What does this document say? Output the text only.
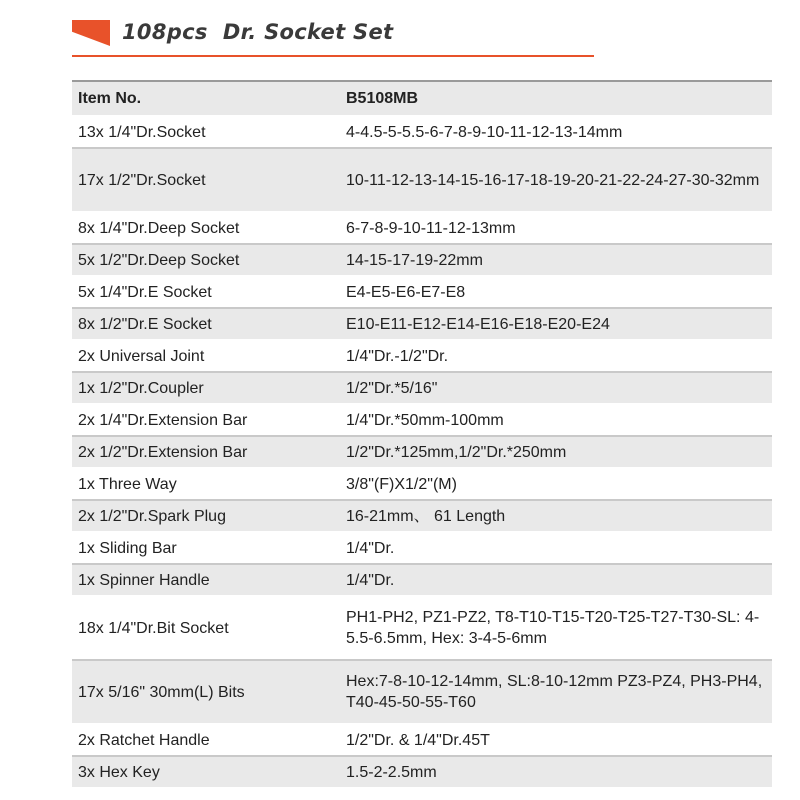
108pcs  Dr. Socket Set
Item No.	B5108MB
13x 1/4"Dr.Socket	4-4.5-5-5.5-6-7-8-9-10-11-12-13-14mm
17x 1/2"Dr.Socket	10-11-12-13-14-15-16-17-18-19-20-21-22-24-27-30-32mm
8x 1/4"Dr.Deep Socket	6-7-8-9-10-11-12-13mm
5x 1/2"Dr.Deep Socket	14-15-17-19-22mm
5x 1/4"Dr.E Socket	E4-E5-E6-E7-E8
8x 1/2"Dr.E Socket	E10-E11-E12-E14-E16-E18-E20-E24
2x Universal Joint	1/4"Dr.-1/2"Dr.
1x 1/2"Dr.Coupler	1/2"Dr.*5/16"
2x 1/4"Dr.Extension Bar	1/4"Dr.*50mm-100mm
2x 1/2"Dr.Extension Bar	1/2"Dr.*125mm,1/2"Dr.*250mm
1x Three Way	3/8"(F)X1/2"(M)
2x 1/2"Dr.Spark Plug	16-21mm、 61 Length
1x Sliding Bar	1/4"Dr.
1x Spinner Handle	1/4"Dr.
18x 1/4"Dr.Bit Socket	PH1-PH2, PZ1-PZ2, T8-T10-T15-T20-T25-T27-T30-SL: 4-5.5-6.5mm, Hex: 3-4-5-6mm
17x 5/16" 30mm(L) Bits	Hex:7-8-10-12-14mm, SL:8-10-12mm PZ3-PZ4, PH3-PH4, T40-45-50-55-T60
2x Ratchet Handle	1/2"Dr. & 1/4"Dr.45T
3x Hex Key	1.5-2-2.5mm
